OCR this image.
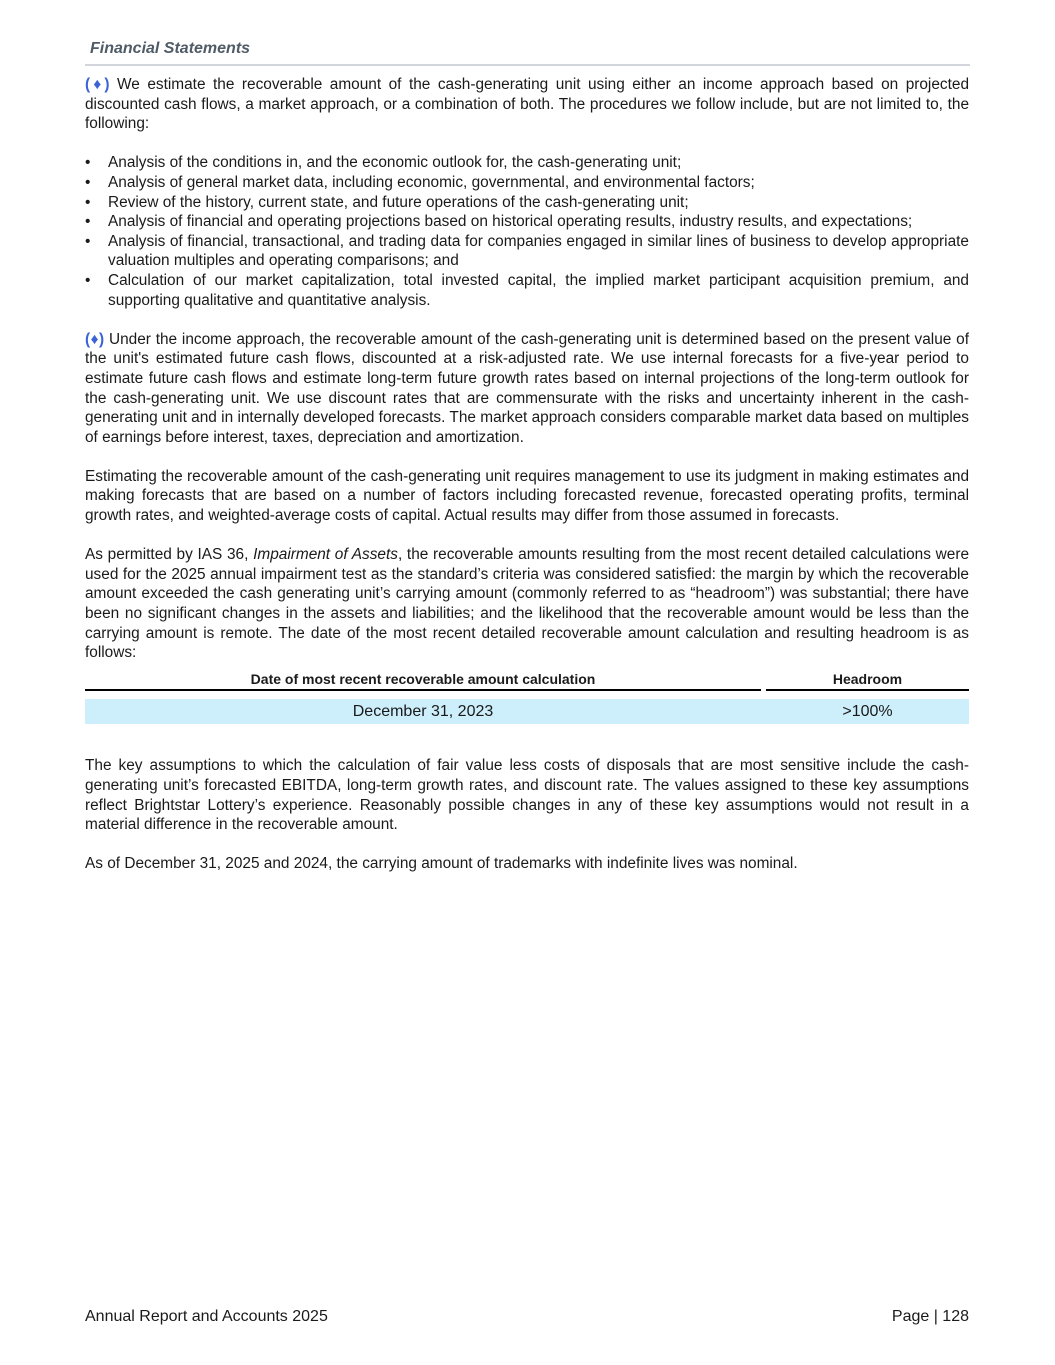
Financial Statements

(♦) We estimate the recoverable amount of the cash-generating unit using either an income approach based on projected discounted cash flows, a market approach, or a combination of both. The procedures we follow include, but are not limited to, the following:

• Analysis of the conditions in, and the economic outlook for, the cash-generating unit;
• Analysis of general market data, including economic, governmental, and environmental factors;
• Review of the history, current state, and future operations of the cash-generating unit;
• Analysis of financial and operating projections based on historical operating results, industry results, and expectations;
• Analysis of financial, transactional, and trading data for companies engaged in similar lines of business to develop appropriate valuation multiples and operating comparisons; and
• Calculation of our market capitalization, total invested capital, the implied market participant acquisition premium, and supporting qualitative and quantitative analysis.

(♦) Under the income approach, the recoverable amount of the cash-generating unit is determined based on the present value of the unit's estimated future cash flows, discounted at a risk-adjusted rate. We use internal forecasts for a five-year period to estimate future cash flows and estimate long-term future growth rates based on internal projections of the long-term outlook for the cash-generating unit. We use discount rates that are commensurate with the risks and uncertainty inherent in the cash-generating unit and in internally developed forecasts. The market approach considers comparable market data based on multiples of earnings before interest, taxes, depreciation and amortization.

Estimating the recoverable amount of the cash-generating unit requires management to use its judgment in making estimates and making forecasts that are based on a number of factors including forecasted revenue, forecasted operating profits, terminal growth rates, and weighted-average costs of capital. Actual results may differ from those assumed in forecasts.

As permitted by IAS 36, Impairment of Assets, the recoverable amounts resulting from the most recent detailed calculations were used for the 2025 annual impairment test as the standard’s criteria was considered satisfied: the margin by which the recoverable amount exceeded the cash generating unit’s carrying amount (commonly referred to as “headroom”) was substantial; there have been no significant changes in the assets and liabilities; and the likelihood that the recoverable amount would be less than the carrying amount is remote. The date of the most recent detailed recoverable amount calculation and resulting headroom is as follows:

Date of most recent recoverable amount calculation	Headroom
December 31, 2023	>100%

The key assumptions to which the calculation of fair value less costs of disposals that are most sensitive include the cash-generating unit’s forecasted EBITDA, long-term growth rates, and discount rate. The values assigned to these key assumptions reflect Brightstar Lottery’s experience. Reasonably possible changes in any of these key assumptions would not result in a material difference in the recoverable amount.

As of December 31, 2025 and 2024, the carrying amount of trademarks with indefinite lives was nominal.

Annual Report and Accounts 2025	Page | 128
